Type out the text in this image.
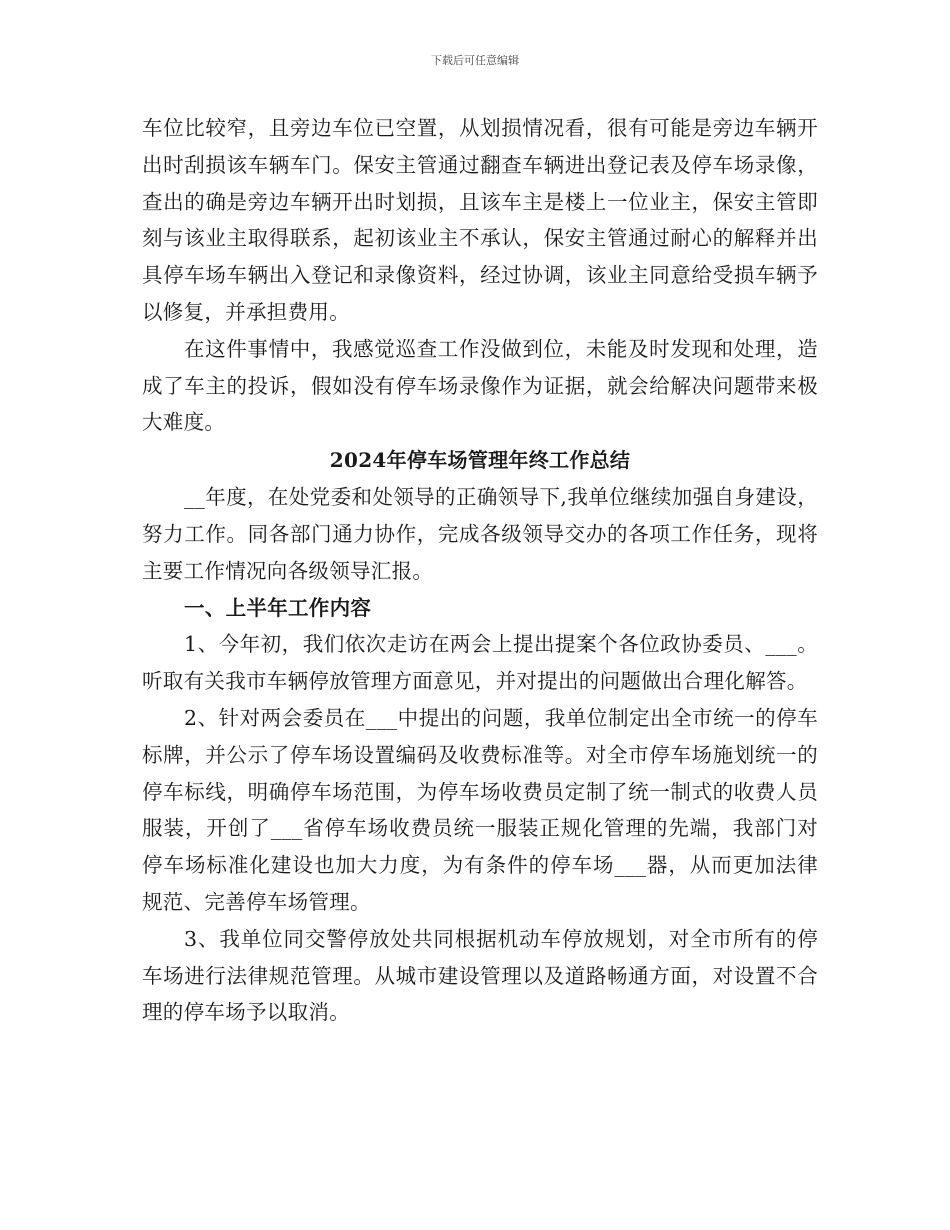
下载后可任意编辑

车位比较窄，且旁边车位已空置，从划损情况看，很有可能是旁边车辆开出时刮损该车辆车门。保安主管通过翻查车辆进出登记表及停车场录像，查出的确是旁边车辆开出时划损，且该车主是楼上一位业主，保安主管即刻与该业主取得联系，起初该业主不承认，保安主管通过耐心的解释并出具停车场车辆出入登记和录像资料，经过协调，该业主同意给受损车辆予以修复，并承担费用。

在这件事情中，我感觉巡查工作没做到位，未能及时发现和处理，造成了车主的投诉，假如没有停车场录像作为证据，就会给解决问题带来极大难度。

2024年停车场管理年终工作总结

__年度，在处党委和处领导的正确领导下,我单位继续加强自身建设，努力工作。同各部门通力协作，完成各级领导交办的各项工作任务，现将主要工作情况向各级领导汇报。

一、上半年工作内容

1、今年初，我们依次走访在两会上提出提案个各位政协委员、___。听取有关我市车辆停放管理方面意见，并对提出的问题做出合理化解答。

2、针对两会委员在___中提出的问题，我单位制定出全市统一的停车标牌，并公示了停车场设置编码及收费标准等。对全市停车场施划统一的停车标线，明确停车场范围，为停车场收费员定制了统一制式的收费人员服装，开创了___省停车场收费员统一服装正规化管理的先端，我部门对停车场标准化建设也加大力度，为有条件的停车场___器，从而更加法律规范、完善停车场管理。

3、我单位同交警停放处共同根据机动车停放规划，对全市所有的停车场进行法律规范管理。从城市建设管理以及道路畅通方面，对设置不合理的停车场予以取消。
